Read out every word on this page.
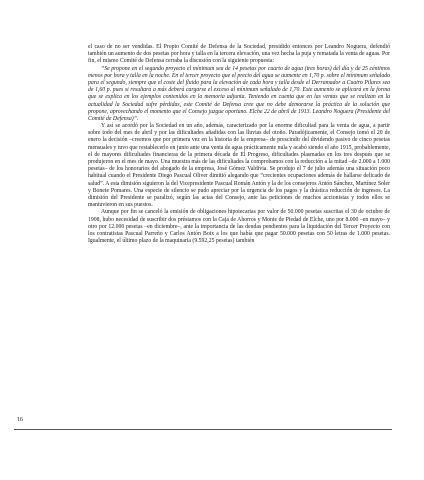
el caso de no ser vendidas. El Propio Comité de Defensa de la Sociedad, presidido entonces por Leandro Noguera, defendió también un aumento de dos pesetas por hora y talla en la tercera elevación, una vez hecha la puja y rematada la venta de aguas. Por fin, el mismo Comité de Defensa cerraba la discusión con la siguiente propuesta:

“Se propone en el segundo proyecto el mínimum sea de 14 pesetas por cuarto de agua (tres horas) del día y de 25 céntimos menos por hora y talla en la noche. En el tercer proyecto que el precio del agua se aumente en 1,70 p. sobre el mínimum señalado para el segundo, siempre que el coste del fluido para la elevación de cada hora y talla desde el Derramador a Cuatro Pilares sea de 1,60 p. pues si resultara a más deberá cargarse el exceso al mínimum señalado de 1,70. Este aumento se aplicará en la forma que se explica en los ejemplos contenidos en la memoria adjunta. Teniendo en cuenta que en las ventas que se realizan en la actualidad la Sociedad sufre pérdidas, este Comité de Defensa cree que no debe demorarse la práctica de la solución que propone, aprovechando el momento que el Consejo juzgue oportuno. Elche 22 de abril de 1913. Leandro Noguera (Presidente del Comité de Defensa)”.

Y así se acordó por la Sociedad en un año, además, caracterizado por la enorme dificultad para la venta de agua, a partir sobre todo del mes de abril y por las dificultades añadidas con las lluvias del otoño. Paradójicamente, el Consejo tomó el 20 de enero la decisión –creemos que por primera vez en la historia de la empresa– de prescindir del dividendo pasivo de cinco pesetas mensuales y tuvo que restablecerlo en junio ante una venta de agua prácticamente nula y acabó siendo el año 1915, probablemente, el de mayores dificultades financieras de la primera década de El Progreso, dificultades plasmadas en los tres después que se produjeron en el mes de mayo. Una muestra más de las dificultades la comprobamos con la reducción a la mitad –de 2.000 a 1.000 pesetas– de los honorarios del abogado de la empresa, José Gómez Valdivia. Se produjo el 7 de julio además una situación poco habitual cuando el Presidente Diego Pascual Oliver dimitió alegando que “crecientes ocupaciones además de hallarse delicado de salud”. A esta dimisión siguieron la del Vicepresidente Pascual Román Antón y la de los consejeros Antón Sánchez, Martínez Soler y Bonete Pomares. Una especie de silencio se pudo apreciar por la urgencia de los pagos y la drástica reducción de ingresos. La dimisión del Presidente se paralizó, según las actas del Consejo, ante las peticiones de muchos accionistas y todos ellos se mantuvieron en sus puestos.

Aunque por fin se canceló la emisión de obligaciones hipotecarias por valor de 50.000 pesetas suscritas el 30 de octubre de 1908, hubo necesidad de suscribir dos préstamos con la Caja de Ahorros y Monte de Piedad de Elche, uno por 8.000 –en mayo– y otro por 12.000 pesetas –en diciembre–, ante la importancia de las deudas pendientes para la liquidación del Tercer Proyecto con los contratistas Pascual Parreño y Carlos Antón Boix a los que había que pagar 50.000 pesetas con 50 letras de 1.000 pesetas. Igualmente, el último plazo de la maquinaria (9.592,25 pesetas) también

16
